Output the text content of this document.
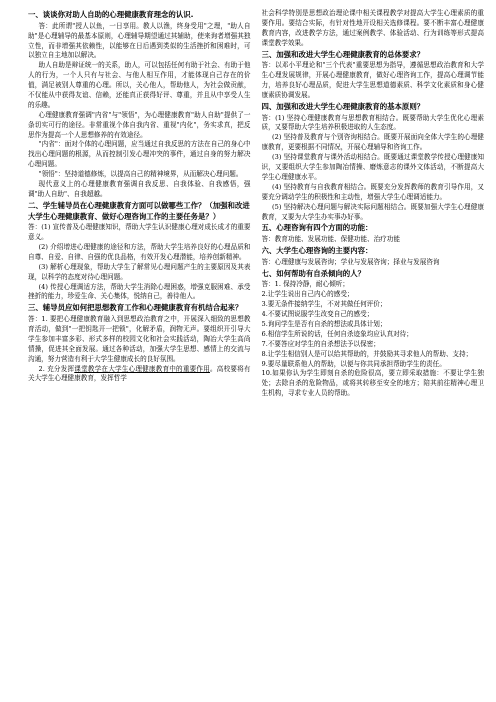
一、谈谈你对助人自助的心理健康教育理念的认识.

答：此所谓"授人以鱼，一日享用。教人以渔，终身受用"之理，"助人自助"是心理辅导的最基本原则，心理辅导期望通过其辅助，使来询者增强其独立性，而非增强其依赖性，以能够在日后遇到类似的生活挫折和困难时，可以独立自主地加以解决。

助人自助是辩证统一的关系，助人，可以包括任何有助于社会、有助于他人的行为，一个人只有与社会、与他人相互作用，才能体现自己存在的价值，满足被别人尊重的心理。所以，关心他人，帮助他人，为社会做贡献，不仅能从中获得友谊、信赖，还能真正获得好评、尊重，并且从中享受人生的乐趣。

心理健康教育强调"内省"与"领悟"，为心理健康教育"助人自助"提供了一条切实可行的途径。非常重视个体自我内省、重视"内化"，务实求真，把反思作为提高一个人思想修养的有效途径。

"内省"：面对个体的心理问题，应当通过自我反思的方法在自己的身心中找出心理问题的根源，从而控制引发心理冲突的事件，通过自身的努力解决心理问题。

"领悟"：坚持道德修炼，以提高自己的精神境界，从而解决心理问题。

现代意义上的心理健康教育强调自我反思、自我体验、自我感悟，强调"助人自助"、自我超越。

二、学生辅导员在心理健康教育方面可以做哪些工作？（加强和改进大学生心理健康教育、做好心理咨询工作的主要任务是？）

答：(1) 宣传普及心理健康知识，帮助大学生认识健康心理对成长成才的重要意义。

(2) 介绍增进心理健康的途径和方法，帮助大学生培养良好的心理品质和自尊、自爱、自律、自强的优良品格，有效开发心理潜能，培养创新精神。

(3) 解析心理现象，帮助大学生了解常见心理问题产生的主要原因及其表现，以科学的态度对待心理问题。

(4) 传授心理调适方法，帮助大学生消除心理困惑，增强克服困难、承受挫折的能力，珍爱生命、关心集体，悦纳自己，善待他人。

三、辅导员应如何把思想教育工作和心理健康教育有机结合起来？

答：1. 要把心理健康教育融入到思想政治教育之中，开展深入细致的思想教育活动，做到"一把钥匙开一把锁"，化解矛盾，润物无声。要组织开引导大学生参加丰富多彩、形式多样的校园文化和社会实践活动，陶冶大学生高尚情操，促进其全面发展。通过各种活动，加强大学生思想、感情上的交流与沟通，努力营造有利于大学生健康成长的良好氛围。

2. 充分发挥课堂教学在大学生心理健康教育中的重要作用。高校要将有关大学生心理健康教育，发挥哲学

社会科学特别是思想政治理论课中相关课程教学对提高大学生心理素质的重要作用。要结合实际，有针对性地开设相关选修课程。要不断丰富心理健康教育内容，改进教学方法，通过案例教学、体验活动、行为训练等形式提高课堂教学效果。

三、加强和改进大学生心理健康教育的总体要求？

答：以邓小平理论和"三个代表"重要思想为指导，遵循思想政治教育和大学生心理发展规律，开展心理健康教育，做好心理咨询工作，提高心理调节能力，培养良好心理品质，促进大学生思想道德素质、科学文化素质和身心健康素质协调发展。

四、加强和改进大学生心理健康教育的基本原则？

答：(1) 坚持心理健康教育与思想教育相结合。既要帮助大学生优化心理素质，又要帮助大学生培养积极进取的人生态度。

(2) 坚持普及教育与个别咨询相结合。既要开展面向全体大学生的心理健康教育，更要根据不同情况，开展心理辅导和咨询工作。

(3) 坚持课堂教育与课外活动相结合。既要通过课堂教学传授心理健康知识，又要组织大学生参加陶冶情操、磨炼意志的课外文体活动，不断提高大学生心理健康水平。

(4) 坚持教育与自我教育相结合。既要充分发挥教师的教育引导作用，又要充分调动学生的积极性和主动性，增强大学生心理调适能力。

(5) 坚持解决心理问题与解决实际问题相结合。既要加强大学生心理健康教育，又要为大学生办实事办好事。

五、心理咨询有四个方面的功能：

答：教育功能、发展功能、保健功能、治疗功能

六、大学生心理咨询的主要内容：

答：心理健康与发展咨询；学业与发展咨询；择业与发展咨询

七、如何帮助有自杀倾向的人？

答：1. 保持冷静，耐心倾听；

2.让学生说出自己内心的感受；

3.要无条件接纳学生，不对其做任何评价；

4.不要试图说服学生改变自己的感受；

5.询问学生是否有自杀的想法或具体计划；

6.相信学生所说的话，任何自杀迹象均应认真对待；

7.不要答应对学生的自杀想法予以保密；

8.让学生相信别人是可以给其帮助的，并鼓励其寻求他人的帮助、支持；

9.要尽量联系他人的帮助，以便与你共同承担帮助学生的责任。

10.如果你认为学生即刻自杀的危险很高，要立即采取措施：不要让学生独处；去除自杀的危险物品，或将其转移至安全的地方；陪其前往精神心理卫生机构，寻求专业人员的帮助。
